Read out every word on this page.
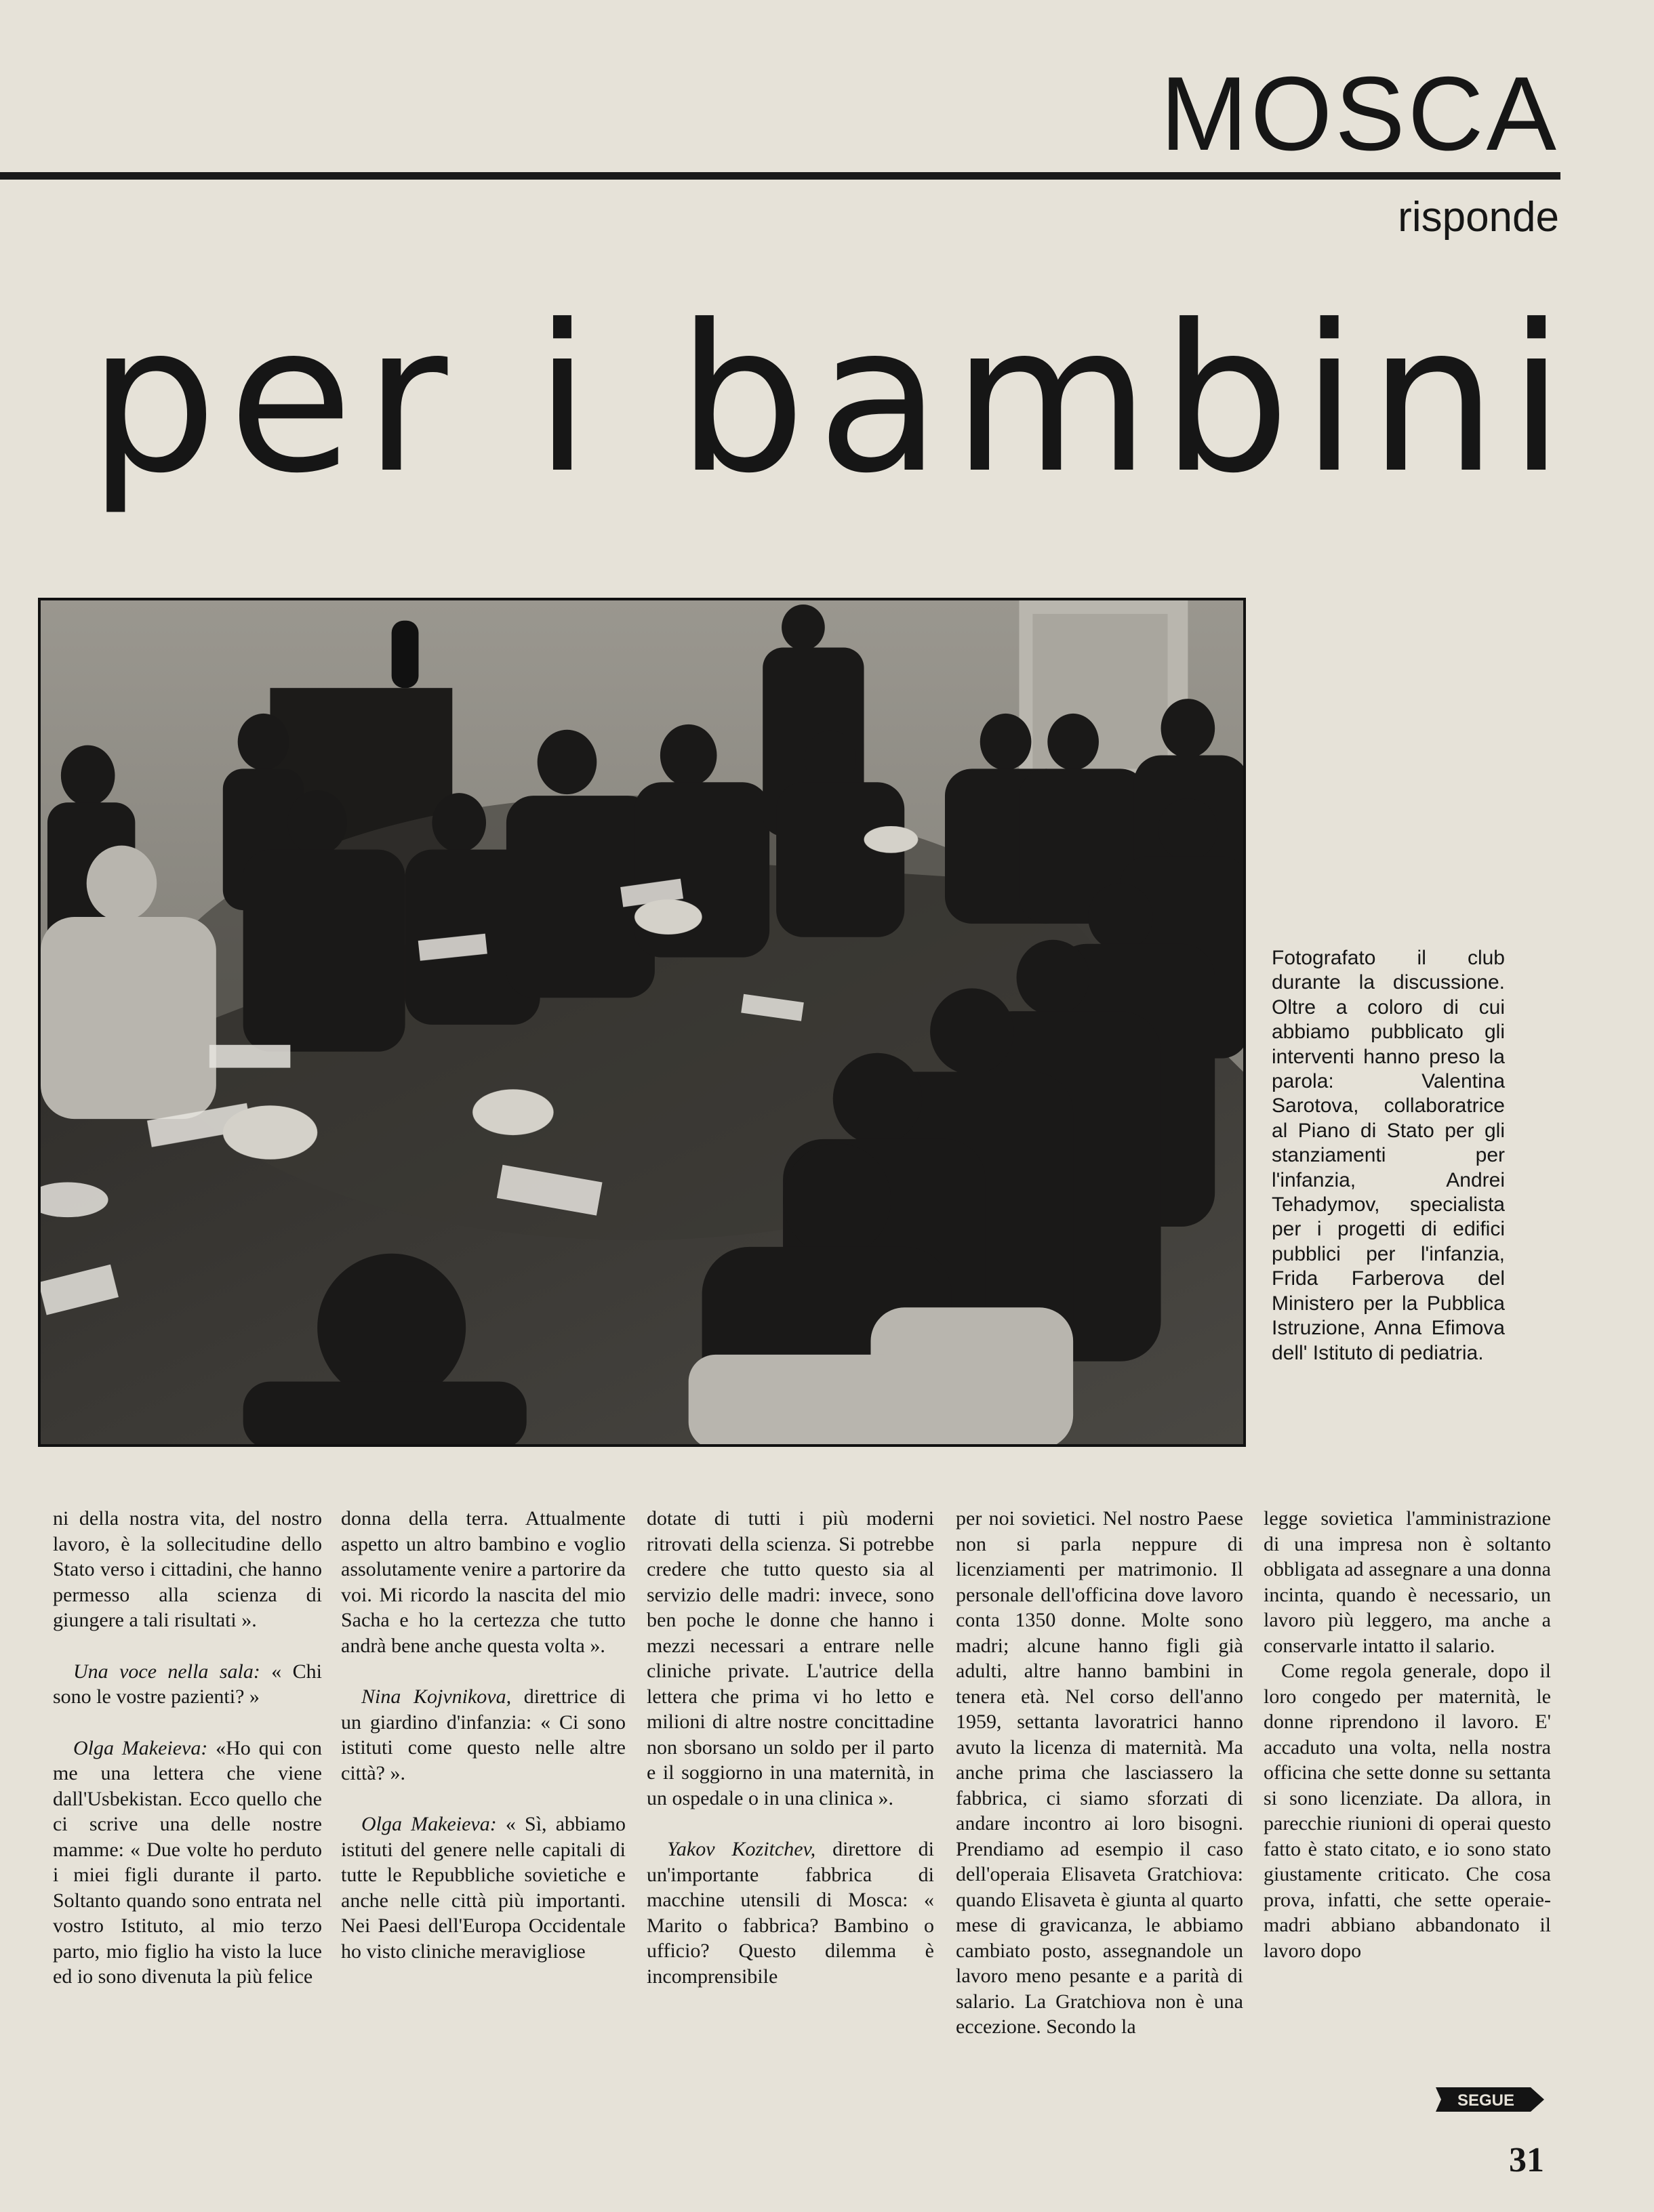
MOSCA
risponde
per i bambini
Fotografato il club durante la discussione. Oltre a coloro di cui abbiamo pubblicato gli interventi hanno preso la parola: Valentina Sarotova, collaboratrice al Piano di Stato per gli stanziamenti per l'infanzia, Andrei Tehadymov, specialista per i progetti di edifici pubblici per l'infanzia, Frida Farberova del Ministero per la Pubblica Istruzione, Anna Efimova dell' Istituto di pediatria.

ni della nostra vita, del nostro lavoro, è la sollecitudine dello Stato verso i cittadini, che hanno permesso alla scienza di giungere a tali risultati ».

Una voce nella sala: « Chi sono le vostre pazienti? »

Olga Makeieva: «Ho qui con me una lettera che viene dall'Usbekistan. Ecco quello che ci scrive una delle nostre mamme: « Due volte ho perduto i miei figli durante il parto. Soltanto quando sono entrata nel vostro Istituto, al mio terzo parto, mio figlio ha visto la luce ed io sono divenuta la più felice

donna della terra. Attualmente aspetto un altro bambino e voglio assolutamente venire a partorire da voi. Mi ricordo la nascita del mio Sacha e ho la certezza che tutto andrà bene anche questa volta ».

Nina Kojvnikova, direttrice di un giardino d'infanzia: « Ci sono istituti come questo nelle altre città? ».

Olga Makeieva: « Sì, abbiamo istituti del genere nelle capitali di tutte le Repubbliche sovietiche e anche nelle città più importanti. Nei Paesi dell'Europa Occidentale ho visto cliniche meravigliose

dotate di tutti i più moderni ritrovati della scienza. Si potrebbe credere che tutto questo sia al servizio delle madri: invece, sono ben poche le donne che hanno i mezzi necessari a entrare nelle cliniche private. L'autrice della lettera che prima vi ho letto e milioni di altre nostre concittadine non sborsano un soldo per il parto e il soggiorno in una maternità, in un ospedale o in una clinica ».

Yakov Kozitchev, direttore di un'importante fabbrica di macchine utensili di Mosca: « Marito o fabbrica? Bambino o ufficio? Questo dilemma è incomprensibile

per noi sovietici. Nel nostro Paese non si parla neppure di licenziamenti per matrimonio. Il personale dell'officina dove lavoro conta 1350 donne. Molte sono madri; alcune hanno figli già adulti, altre hanno bambini in tenera età. Nel corso dell'anno 1959, settanta lavoratrici hanno avuto la licenza di maternità. Ma anche prima che lasciassero la fabbrica, ci siamo sforzati di andare incontro ai loro bisogni. Prendiamo ad esempio il caso dell'operaia Elisaveta Gratchiova: quando Elisaveta è giunta al quarto mese di gravicanza, le abbiamo cambiato posto, assegnandole un lavoro meno pesante e a parità di salario. La Gratchiova non è una eccezione. Secondo la

legge sovietica l'amministrazione di una impresa non è soltanto obbligata ad assegnare a una donna incinta, quando è necessario, un lavoro più leggero, ma anche a conservarle intatto il salario.

Come regola generale, dopo il loro congedo per maternità, le donne riprendono il lavoro. E' accaduto una volta, nella nostra officina che sette donne su settanta si sono licenziate. Da allora, in parecchie riunioni di operai questo fatto è stato citato, e io sono stato giustamente criticato. Che cosa prova, infatti, che sette operaie-madri abbiano abbandonato il lavoro dopo

SEGUE
31
